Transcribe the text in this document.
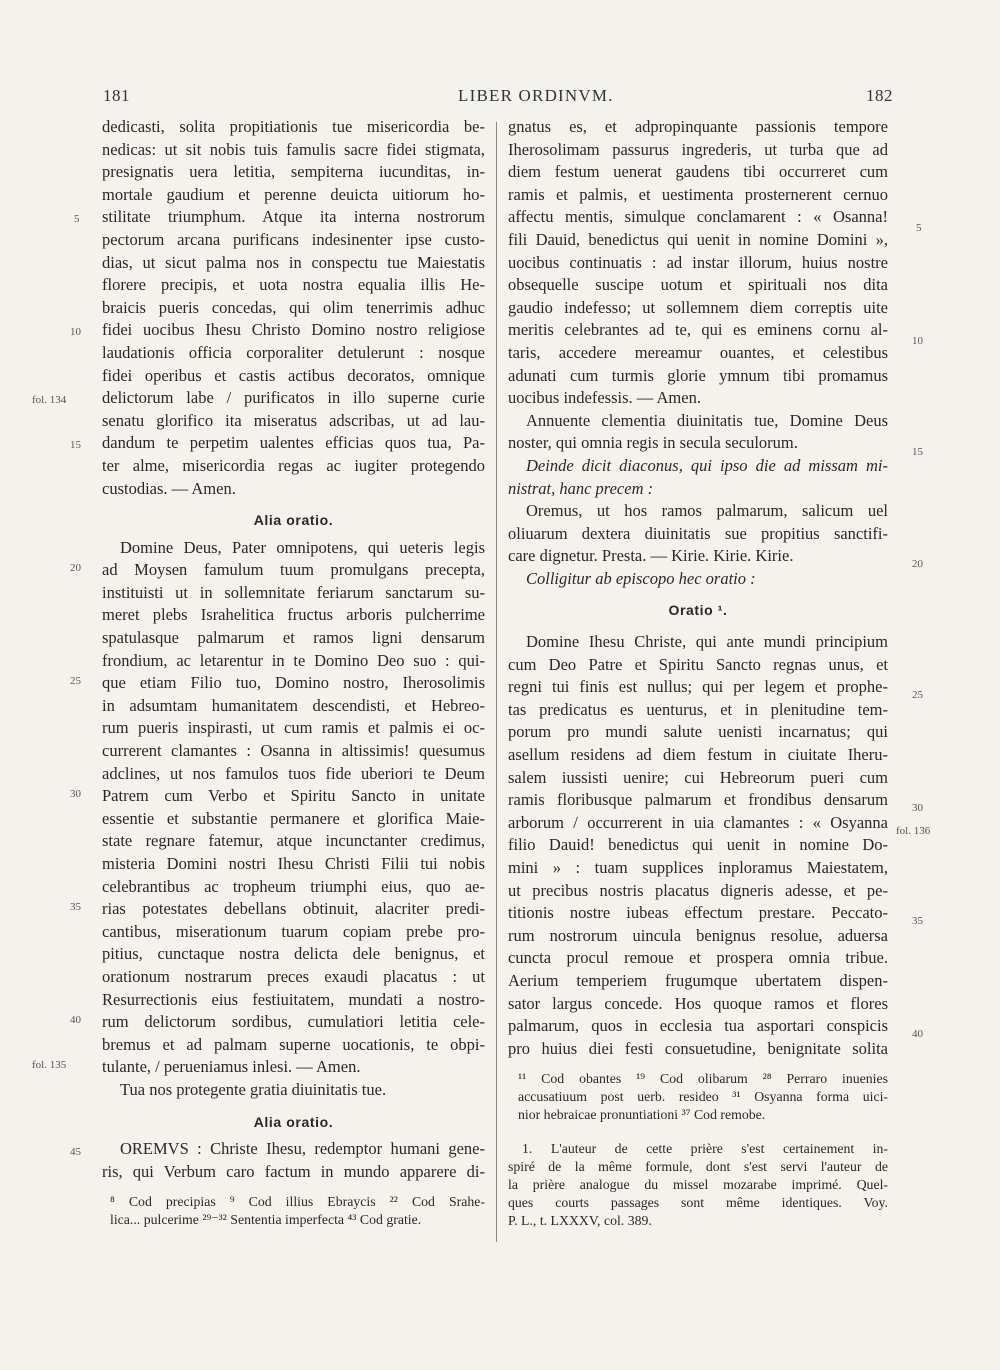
181	LIBER ORDINVM.	182
dedicasti, solita propitiationis tue misericordia be-
nedicas: ut sit nobis tuis famulis sacre fidei stigmata,
presignatis uera letitia, sempiterna iucunditas, in-
mortale gaudium et perenne deuicta uitiorum ho-
stilitate triumphum. Atque ita interna nostrorum
pectorum arcana purificans indesinenter ipse custo-
dias, ut sicut palma nos in conspectu tue Maiestatis
florere precipis, et uota nostra equalia illis He-
braicis pueris concedas, qui olim tenerrimis adhuc
fidei uocibus Ihesu Christo Domino nostro religiose
laudationis officia corporaliter detulerunt : nosque
fidei operibus et castis actibus decoratos, omnique
delictorum labe / purificatos in illo superne curie
senatu glorifico ita miseratus adscribas, ut ad lau-
dandum te perpetim ualentes efficias quos tua, Pa-
ter alme, misericordia regas ac iugiter protegendo
custodias. — Amen.
Alia oratio.
Domine Deus, Pater omnipotens, qui ueteris legis
ad Moysen famulum tuum promulgans precepta,
instituisti ut in sollemnitate feriarum sanctarum su-
meret plebs Israhelitica fructus arboris pulcherrime
spatulasque palmarum et ramos ligni densarum
frondium, ac letarentur in te Domino Deo suo : qui-
que etiam Filio tuo, Domino nostro, Iherosolimis
in adsumtam humanitatem descendisti, et Hebreo-
rum pueris inspirasti, ut cum ramis et palmis ei oc-
currerent clamantes : Osanna in altissimis! quesumus
adclines, ut nos famulos tuos fide uberiori te Deum
Patrem cum Verbo et Spiritu Sancto in unitate
essentie et substantie permanere et glorifica Maie-
state regnare fatemur, atque incunctanter credimus,
misteria Domini nostri Ihesu Christi Filii tui nobis
celebrantibus ac tropheum triumphi eius, quo ae-
rias potestates debellans obtinuit, alacriter predi-
cantibus, miserationum tuarum copiam prebe pro-
pitius, cunctaque nostra delicta dele benignus, et
orationum nostrarum preces exaudi placatus : ut
Resurrectionis eius festiuitatem, mundati a nostro-
rum delictorum sordibus, cumulatiori letitia cele-
bremus et ad palmam superne uocationis, te obpi-
tulante, / perueniamus inlesi. — Amen.
Tua nos protegente gratia diuinitatis tue.
Alia oratio.
OREMVS : Christe Ihesu, redemptor humani gene-
ris, qui Verbum caro factum in mundo apparere di-
⁸ Cod precipias ⁹ Cod illius Ebraycis ²² Cod Srahe-
lica... pulcerime ²⁹⁻³² Sententia imperfecta ⁴³ Cod gratie.
5
10
fol. 134
15
20
25
30
35
40
fol. 135
45
gnatus es, et adpropinquante passionis tempore
Iherosolimam passurus ingrederis, ut turba que ad
diem festum uenerat gaudens tibi occurreret cum
ramis et palmis, et uestimenta prosternerent cernuo
affectu mentis, simulque conclamarent : « Osanna!
fili Dauid, benedictus qui uenit in nomine Domini »,
uocibus continuatis : ad instar illorum, huius nostre
obsequelle suscipe uotum et spirituali nos dita
gaudio indefesso; ut sollemnem diem correptis uite
meritis celebrantes ad te, qui es eminens cornu al-
taris, accedere mereamur ouantes, et celestibus
adunati cum turmis glorie ymnum tibi promamus
uocibus indefessis. — Amen.
Annuente clementia diuinitatis tue, Domine Deus
noster, qui omnia regis in secula seculorum.
Deinde dicit diaconus, qui ipso die ad missam mi-
nistrat, hanc precem :
Oremus, ut hos ramos palmarum, salicum uel
oliuarum dextera diuinitatis sue propitius sanctifi-
care dignetur. Presta. — Kirie. Kirie. Kirie.
Colligitur ab episcopo hec oratio :
Oratio ¹.
Domine Ihesu Christe, qui ante mundi principium
cum Deo Patre et Spiritu Sancto regnas unus, et
regni tui finis est nullus; qui per legem et prophe-
tas predicatus es uenturus, et in plenitudine tem-
porum pro mundi salute uenisti incarnatus; qui
asellum residens ad diem festum in ciuitate Iheru-
salem iussisti uenire; cui Hebreorum pueri cum
ramis floribusque palmarum et frondibus densarum
arborum / occurrerent in uia clamantes : « Osyanna
filio Dauid! benedictus qui uenit in nomine Do-
mini » : tuam supplices inploramus Maiestatem,
ut precibus nostris placatus digneris adesse, et pe-
titionis nostre iubeas effectum prestare. Peccato-
rum nostrorum uincula benignus resolue, aduersa
cuncta procul remoue et prospera omnia tribue.
Aerium temperiem frugumque ubertatem dispen-
sator largus concede. Hos quoque ramos et flores
palmarum, quos in ecclesia tua asportari conspicis
pro huius diei festi consuetudine, benignitate solita
¹¹ Cod obantes ¹⁹ Cod olibarum ²⁸ Perraro inuenies
accusatiuum post uerb. resideo ³¹ Osyanna forma uici-
nior hebraicae pronuntiationi ³⁷ Cod remobe.
1. L'auteur de cette prière s'est certainement in-
spiré de la même formule, dont s'est servi l'auteur de
la prière analogue du missel mozarabe imprimé. Quel-
ques courts passages sont même identiques. Voy.
P. L., t. LXXXV, col. 389.
5
10
15
20
25
30
fol. 136
35
40
